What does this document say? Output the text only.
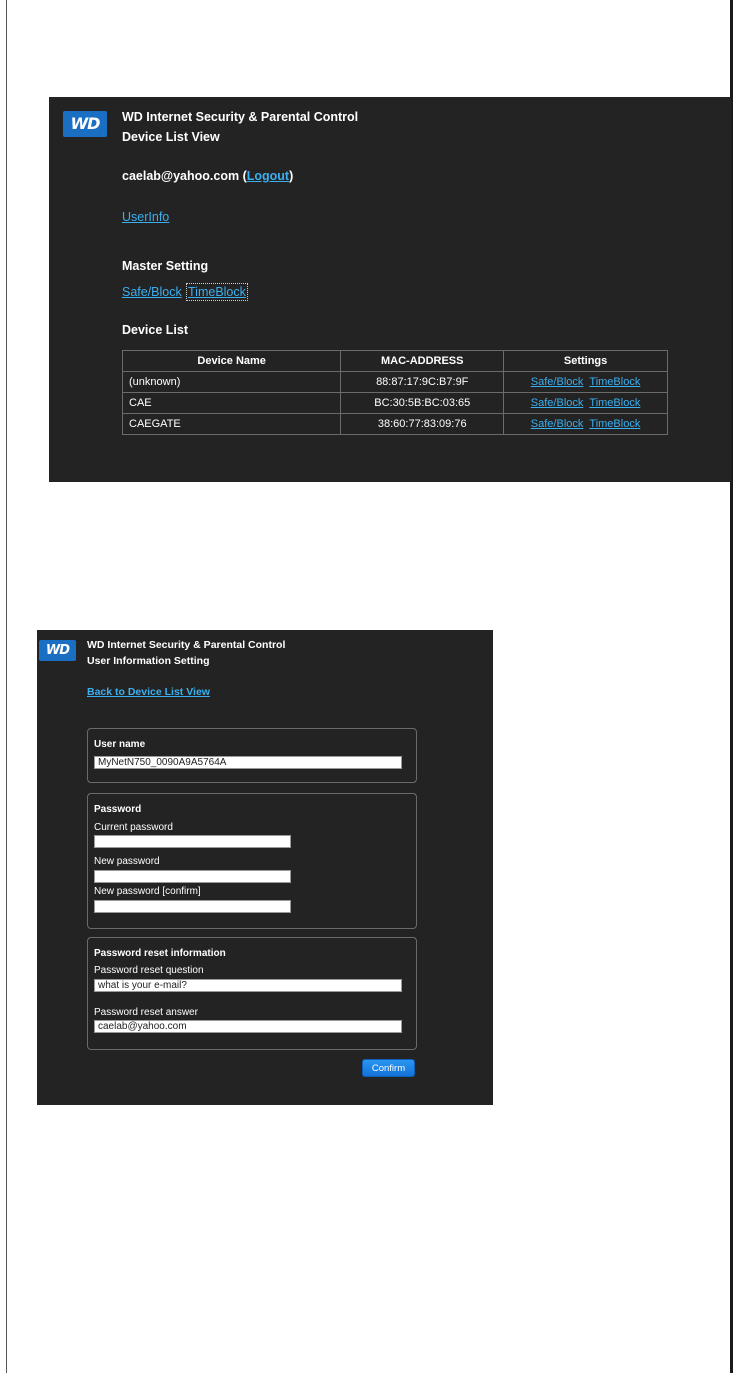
WD	WD Internet Security & Parental Control
Device List View
caelab@yahoo.com (Logout)
UserInfo
Master Setting
Safe/Block TimeBlock
Device List
Device Name	MAC-ADDRESS	Settings
(unknown)	88:87:17:9C:B7:9F	Safe/Block TimeBlock
CAE	BC:30:5B:BC:03:65	Safe/Block TimeBlock
CAEGATE	38:60:77:83:09:76	Safe/Block TimeBlock
WD	WD Internet Security & Parental Control
User Information Setting
Back to Device List View
User name
MyNetN750_0090A9A5764A
Password
Current password
New password
New password [confirm]
Password reset information
Password reset question
what is your e-mail?
Password reset answer
caelab@yahoo.com
Confirm
